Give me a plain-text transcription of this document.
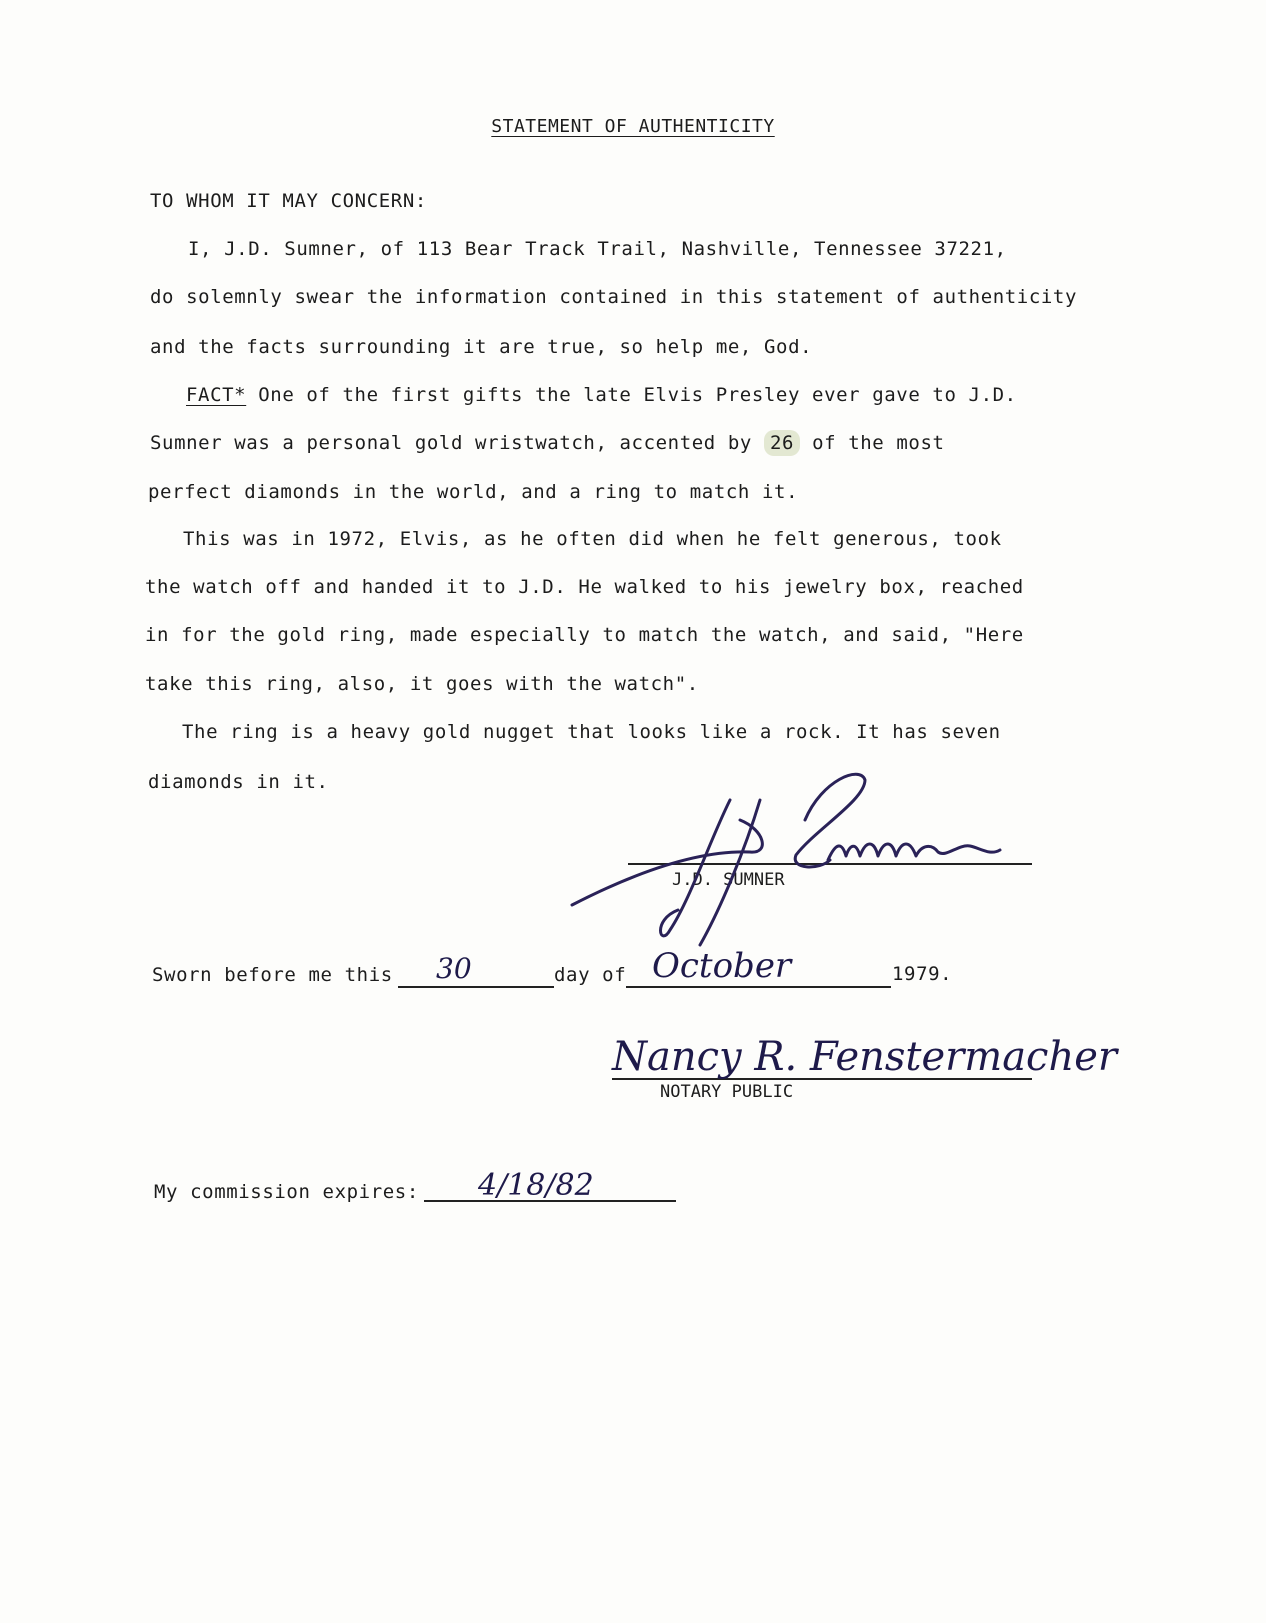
STATEMENT OF AUTHENTICITY
TO WHOM IT MAY CONCERN:
I, J.D. Sumner, of 113 Bear Track Trail, Nashville, Tennessee 37221,
do solemnly swear the information contained in this statement of authenticity
and the facts surrounding it are true, so help me, God.
FACT* One of the first gifts the late Elvis Presley ever gave to J.D.
Sumner was a personal gold wristwatch, accented by 26 of the most
perfect diamonds in the world, and a ring to match it.
This was in 1972, Elvis, as he often did when he felt generous, took
the watch off and handed it to J.D. He walked to his jewelry box, reached
in for the gold ring, made especially to match the watch, and said, "Here
take this ring, also, it goes with the watch".
The ring is a heavy gold nugget that looks like a rock. It has seven
diamonds in it.
J.D. SUMNER
Sworn before me this 30	day of October	1979.
Nancy R. Fenstermacher
NOTARY PUBLIC
My commission expires: 4/18/82
